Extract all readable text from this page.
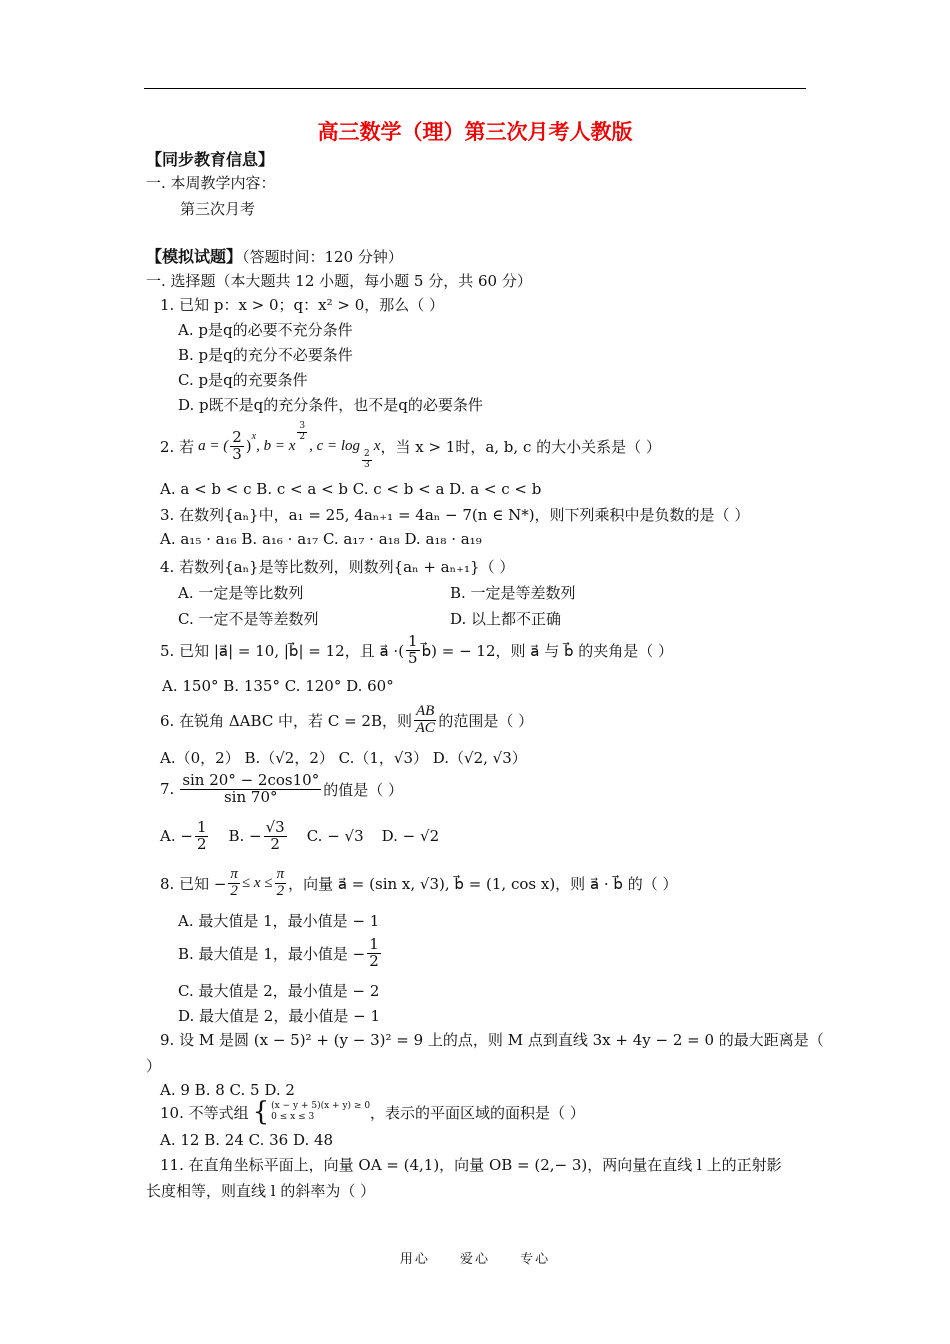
高三数学（理）第三次月考人教版
【同步教育信息】
一. 本周教学内容：
第三次月考
【模拟试题】（答题时间：120 分钟）
一. 选择题（本大题共 12 小题，每小题 5 分，共 60 分）
1. 已知 p：x > 0；q：x² > 0，那么（ ）
A. p是q的必要不充分条件
B. p是q的充分不必要条件
C. p是q的充要条件
D. p既不是q的充分条件，也不是q的必要条件
2. 若 a = ( $\frac{2}{3}$ )
$^x$
, b = x
$\frac{3}{2}$
, c = log
$\frac{2}{3}$
x ，当 x > 1时，a, b, c 的大小关系是（ ）
A. a < b < c B. c < a < b C. c < b < a D. a < c < b
3. 在数列{aₙ}中，a₁ = 25, 4aₙ₊₁ = 4aₙ − 7(n ∈ N*)，则下列乘积中是负数的是（ ）
A. a₁₅ · a₁₆ B. a₁₆ · a₁₇ C. a₁₇ · a₁₈ D. a₁₈ · a₁₉
4. 若数列{aₙ}是等比数列，则数列{aₙ + aₙ₊₁}（ ）
A. 一定是等比数列	B. 一定是等差数列
C. 一定不是等差数列	D. 以上都不正确
5. 已知 |a⃗| = 10, |b⃗| = 12，且 a⃗ ·( $\frac{1}{5}$ b⃗) = − 12，则 a⃗ 与 b⃗ 的夹角是（ ）
A. 150° B. 135° C. 120° D. 60°
6. 在锐角 ΔABC 中，若 C = 2B，则 $\frac{AB}{AC}$ 的范围是（ ）
A.（0，2） B.（√2，2） C.（1，√3） D.（√2, √3）
7. $\frac{\sin 20^\circ - 2\cos 10^\circ}{\sin 70^\circ}$ 的值是（ ）
A. − $\frac{1}{2} B$. − $\frac{√3}{2} C$. − √3 D. − √2
8. 已知 − $\frac{\pi}{2} \le x \le \frac{\pi}{2}$ ，向量 a⃗ = (sin x, √3), b⃗ = (1, cos x)，则 a⃗ · b⃗ 的（ ）
A. 最大值是 1，最小值是 − 1
B. 最大值是 1，最小值是 − $\frac{1}{2}$
C. 最大值是 2，最小值是 − 2
D. 最大值是 2，最小值是 − 1
9. 设 M 是圆 (x − 5)² + (y − 3)² = 9 上的点，则 M 点到直线 3x + 4y − 2 = 0 的最大距离是（
）
A. 9 B. 8 C. 5 D. 2
10. 不等式组 { (x − y + 5)(x + y) ≥ 0
0 ≤ x ≤ 3	，表示的平面区域的面积是（ ）
A. 12 B. 24 C. 36 D. 48
11. 在直角坐标平面上，向量 OA = (4,1)，向量 OB = (2,− 3)，两向量在直线 l 上的正射影
长度相等，则直线 l 的斜率为（ ）
用心 爱心 专心
